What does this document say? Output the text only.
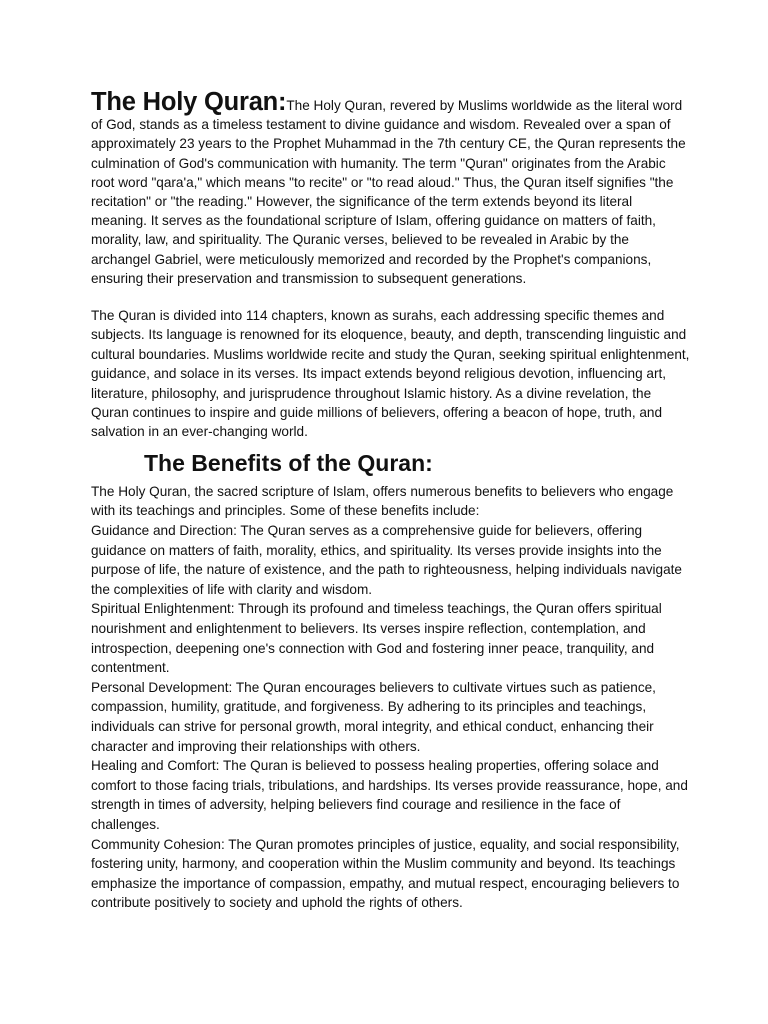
The Holy Quran:The Holy Quran, revered by Muslims worldwide as the literal word of God, stands as a timeless testament to divine guidance and wisdom. Revealed over a span of approximately 23 years to the Prophet Muhammad in the 7th century CE, the Quran represents the culmination of God's communication with humanity. The term "Quran" originates from the Arabic root word "qara'a," which means "to recite" or "to read aloud." Thus, the Quran itself signifies "the recitation" or "the reading." However, the significance of the term extends beyond its literal meaning. It serves as the foundational scripture of Islam, offering guidance on matters of faith, morality, law, and spirituality. The Quranic verses, believed to be revealed in Arabic by the archangel Gabriel, were meticulously memorized and recorded by the Prophet's companions, ensuring their preservation and transmission to subsequent generations.

The Quran is divided into 114 chapters, known as surahs, each addressing specific themes and subjects. Its language is renowned for its eloquence, beauty, and depth, transcending linguistic and cultural boundaries. Muslims worldwide recite and study the Quran, seeking spiritual enlightenment, guidance, and solace in its verses. Its impact extends beyond religious devotion, influencing art, literature, philosophy, and jurisprudence throughout Islamic history. As a divine revelation, the Quran continues to inspire and guide millions of believers, offering a beacon of hope, truth, and salvation in an ever-changing world.

The Benefits of the Quran:

The Holy Quran, the sacred scripture of Islam, offers numerous benefits to believers who engage with its teachings and principles. Some of these benefits include:

Guidance and Direction: The Quran serves as a comprehensive guide for believers, offering guidance on matters of faith, morality, ethics, and spirituality. Its verses provide insights into the purpose of life, the nature of existence, and the path to righteousness, helping individuals navigate the complexities of life with clarity and wisdom.

Spiritual Enlightenment: Through its profound and timeless teachings, the Quran offers spiritual nourishment and enlightenment to believers. Its verses inspire reflection, contemplation, and introspection, deepening one's connection with God and fostering inner peace, tranquility, and contentment.

Personal Development: The Quran encourages believers to cultivate virtues such as patience, compassion, humility, gratitude, and forgiveness. By adhering to its principles and teachings, individuals can strive for personal growth, moral integrity, and ethical conduct, enhancing their character and improving their relationships with others.

Healing and Comfort: The Quran is believed to possess healing properties, offering solace and comfort to those facing trials, tribulations, and hardships. Its verses provide reassurance, hope, and strength in times of adversity, helping believers find courage and resilience in the face of challenges.

Community Cohesion: The Quran promotes principles of justice, equality, and social responsibility, fostering unity, harmony, and cooperation within the Muslim community and beyond. Its teachings emphasize the importance of compassion, empathy, and mutual respect, encouraging believers to contribute positively to society and uphold the rights of others.
